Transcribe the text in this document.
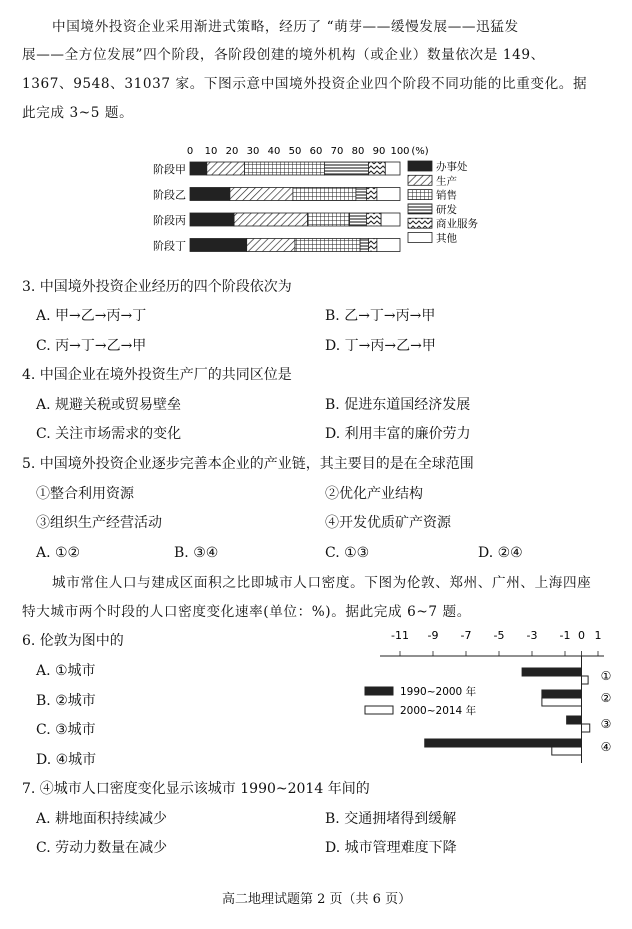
中国境外投资企业采用渐进式策略，经历了 “萌芽——缓慢发展——迅猛发
展——全方位发展”四个阶段，各阶段创建的境外机构（或企业）数量依次是 149、
1367、9548、31037 家。下图示意中国境外投资企业四个阶段不同功能的比重变化。据
此完成 3~5 题。
0 10 20 30 40 50 60 70 80 90 100 (%)
阶段甲
阶段乙
阶段丙
阶段丁
办事处
生产
销售
研发
商业服务
其他
3. 中国境外投资企业经历的四个阶段依次为
A. 甲→乙→丙→丁	B. 乙→丁→丙→甲
C. 丙→丁→乙→甲	D. 丁→丙→乙→甲
4. 中国企业在境外投资生产厂的共同区位是
A. 规避关税或贸易壁垒	B. 促进东道国经济发展
C. 关注市场需求的变化	D. 利用丰富的廉价劳力
5. 中国境外投资企业逐步完善本企业的产业链，其主要目的是在全球范围
①整合利用资源	②优化产业结构
③组织生产经营活动	④开发优质矿产资源
A. ①②	B. ③④	C. ①③	D. ②④
城市常住人口与建成区面积之比即城市人口密度。下图为伦敦、郑州、广州、上海四座
特大城市两个时段的人口密度变化速率(单位：%)。据此完成 6~7 题。
6. 伦敦为图中的
A. ①城市
B. ②城市
C. ③城市
D. ④城市
-11 -9 -7 -5 -3 -1 0 1
①
②
③
④
1990~2000 年
2000~2014 年
7. ④城市人口密度变化显示该城市 1990~2014 年间的
A. 耕地面积持续减少	B. 交通拥堵得到缓解
C. 劳动力数量在减少	D. 城市管理难度下降
高二地理试题第 2 页（共 6 页）
